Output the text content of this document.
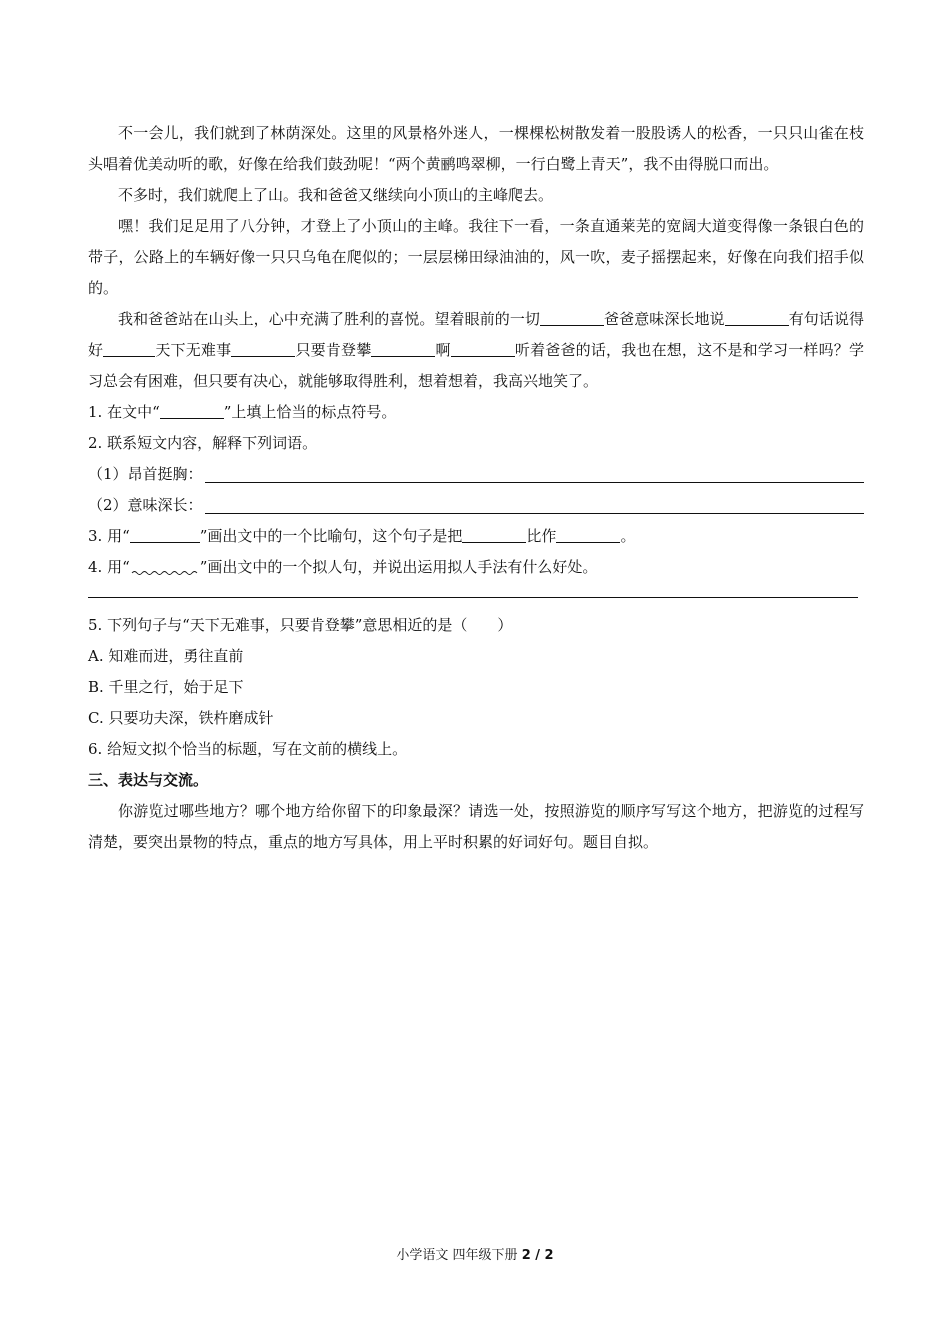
不一会儿，我们就到了林荫深处。这里的风景格外迷人，一棵棵松树散发着一股股诱人的松香，一只只山雀在枝头唱着优美动听的歌，好像在给我们鼓劲呢！“两个黄鹂鸣翠柳，一行白鹭上青天”，我不由得脱口而出。

不多时，我们就爬上了山。我和爸爸又继续向小顶山的主峰爬去。

嘿！我们足足用了八分钟，才登上了小顶山的主峰。我往下一看，一条直通莱芜的宽阔大道变得像一条银白色的带子，公路上的车辆好像一只只乌龟在爬似的；一层层梯田绿油油的，风一吹，麦子摇摆起来，好像在向我们招手似的。

我和爸爸站在山头上，心中充满了胜利的喜悦。望着眼前的一切	爸爸意味深长地说	有句话说得好	天下无难事	只要肯登攀	啊	听着爸爸的话，我也在想，这不是和学习一样吗？学习总会有困难，但只要有决心，就能够取得胜利，想着想着，我高兴地笑了。

1. 在文中“	”上填上恰当的标点符号。

2. 联系短文内容，解释下列词语。

（1）昂首挺胸：
（2）意味深长：

3. 用“	”画出文中的一个比喻句，这个句子是把	比作	。

4. 用“	”画出文中的一个拟人句，并说出运用拟人手法有什么好处。

5. 下列句子与“天下无难事，只要肯登攀”意思相近的是（　　）

A. 知难而进，勇往直前

B. 千里之行，始于足下

C. 只要功夫深，铁杵磨成针

6. 给短文拟个恰当的标题，写在文前的横线上。

三、表达与交流。

你游览过哪些地方？哪个地方给你留下的印象最深？请选一处，按照游览的顺序写写这个地方，把游览的过程写清楚，要突出景物的特点，重点的地方写具体，用上平时积累的好词好句。题目自拟。

小学语文 四年级下册 2 / 2
